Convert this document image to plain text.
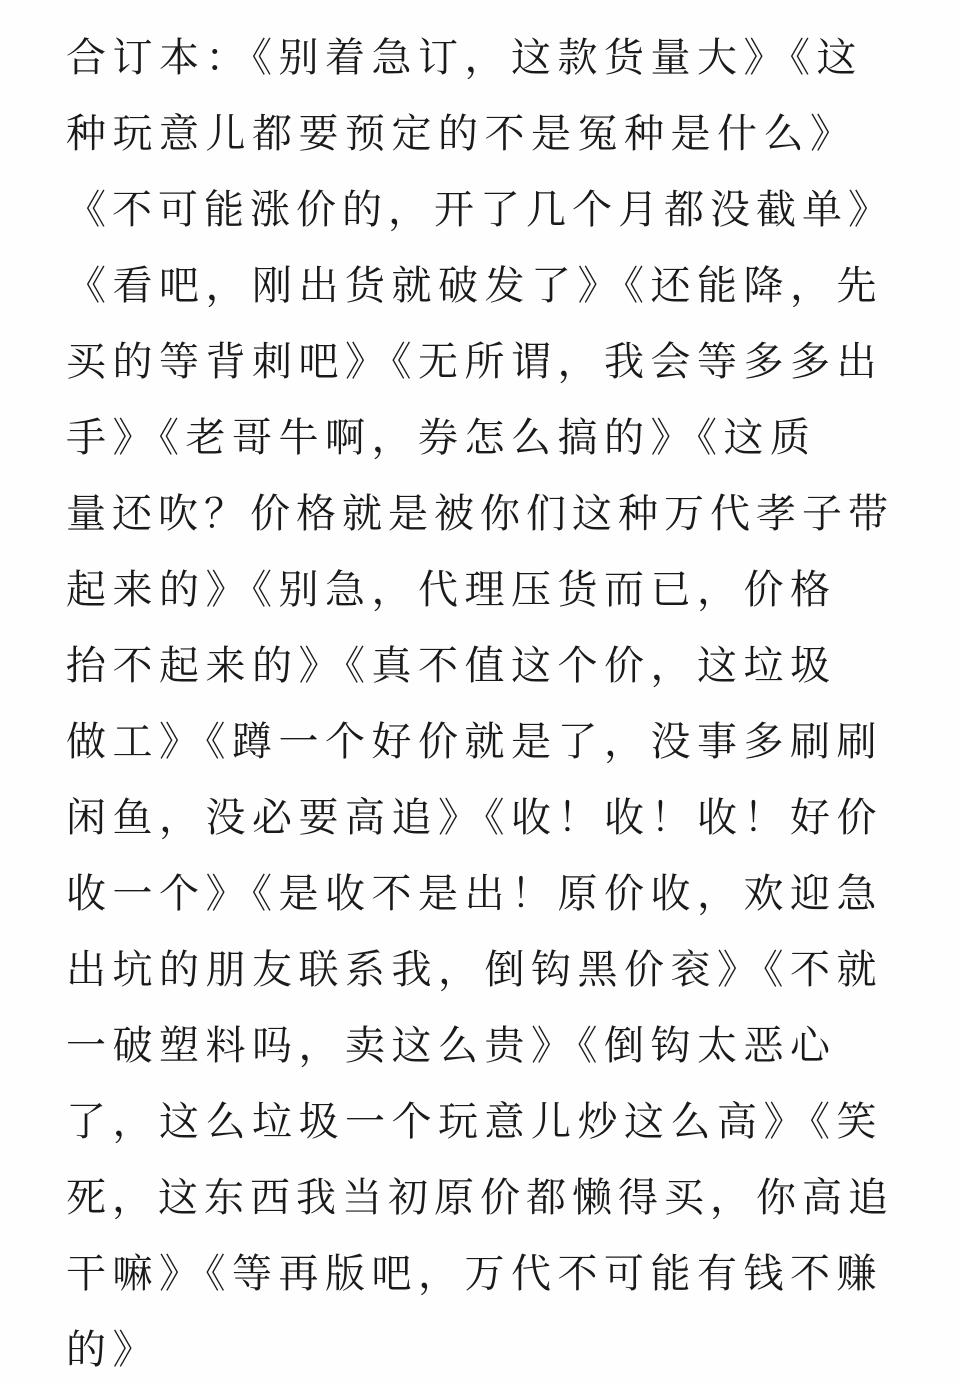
合订本：《别着急订，这款货量大》《这
种玩意儿都要预定的不是冤种是什么》
《不可能涨价的，开了几个月都没截单》
《看吧，刚出货就破发了》《还能降，先
买的等背刺吧》《无所谓，我会等多多出
手》《老哥牛啊，券怎么搞的》《这质
量还吹？价格就是被你们这种万代孝子带
起来的》《别急，代理压货而已，价格
抬不起来的》《真不值这个价，这垃圾
做工》《蹲一个好价就是了，没事多刷刷
闲鱼，没必要高追》《收！收！收！好价
收一个》《是收不是出！原价收，欢迎急
出坑的朋友联系我，倒钩黑价衮》《不就
一破塑料吗，卖这么贵》《倒钩太恶心
了，这么垃圾一个玩意儿炒这么高》《笑
死，这东西我当初原价都懒得买，你高追
干嘛》《等再版吧，万代不可能有钱不赚
的》
